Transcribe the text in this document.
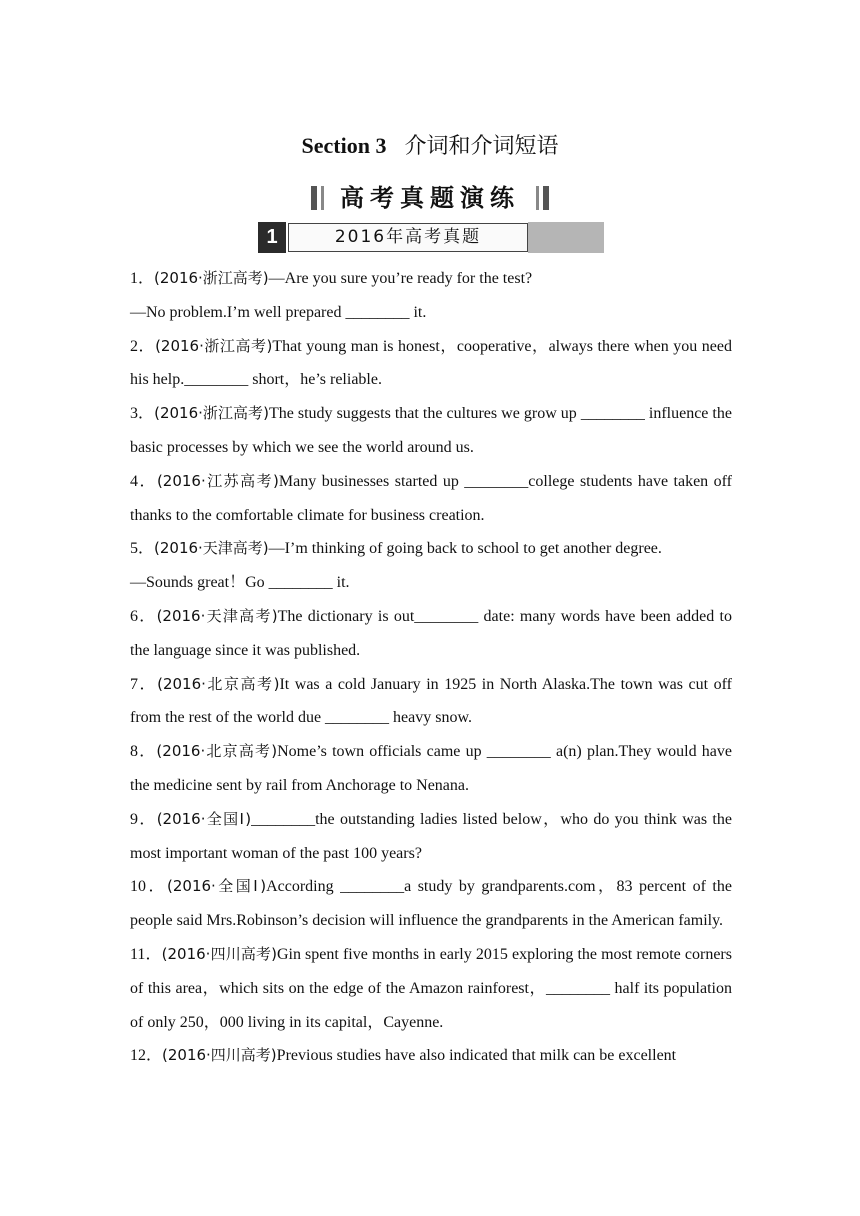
Section 3 介词和介词短语
高考真题演练
1	2016年高考真题

1．(2016·浙江高考)—Are you sure you’re ready for the test?

—No problem.I’m well prepared ________ it.

2．(2016·浙江高考)That young man is honest，cooperative，always there when you need his help.________ short，he’s reliable.

3．(2016·浙江高考)The study suggests that the cultures we grow up ________ influence the basic processes by which we see the world around us.

4．(2016·江苏高考)Many businesses started up ________college students have taken off thanks to the comfortable climate for business creation.

5．(2016·天津高考)—I’m thinking of going back to school to get another degree.

—Sounds great！Go ________ it.

6．(2016·天津高考)The dictionary is out________ date: many words have been added to the language since it was published.

7．(2016·北京高考)It was a cold January in 1925 in North Alaska.The town was cut off from the rest of the world due ________ heavy snow.

8．(2016·北京高考)Nome’s town officials came up ________ a(n) plan.They would have the medicine sent by rail from Anchorage to Nenana.

9．(2016·全国Ⅰ)________the outstanding ladies listed below，who do you think was the most important woman of the past 100 years?

10．(2016·全国Ⅰ)According ________a study by grandparents.com，83 percent of the people said Mrs.Robinson’s decision will influence the grandparents in the American family.

11．(2016·四川高考)Gin spent five months in early 2015 exploring the most remote corners of this area，which sits on the edge of the Amazon rainforest，________ half its population of only 250，000 living in its capital，Cayenne.

12．(2016·四川高考)Previous studies have also indicated that milk can be excellent
